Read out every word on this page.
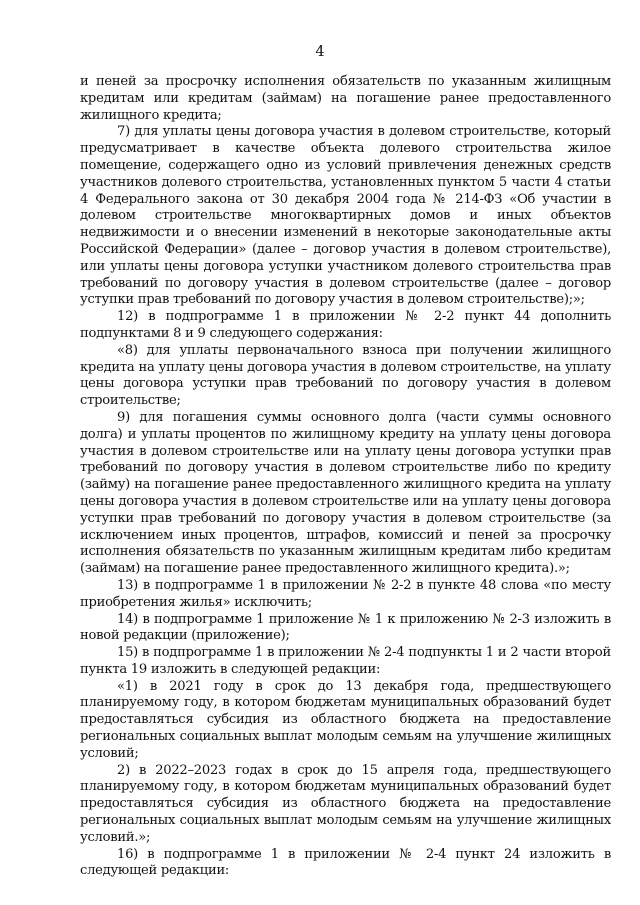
4

и пеней за просрочку исполнения обязательств по указанным жилищным кредитам или кредитам (займам) на погашение ранее предоставленного жилищного кредита;

7) для уплаты цены договора участия в долевом строительстве, который предусматривает в качестве объекта долевого строительства жилое помещение, содержащего одно из условий привлечения денежных средств участников долевого строительства, установленных пунктом 5 части 4 статьи 4 Федерального закона от 30 декабря 2004 года № 214-ФЗ «Об участии в долевом строительстве многоквартирных домов и иных объектов недвижимости и о внесении изменений в некоторые законодательные акты Российской Федерации» (далее – договор участия в долевом строительстве), или уплаты цены договора уступки участником долевого строительства прав требований по договору участия в долевом строительстве (далее – договор уступки прав требований по договору участия в долевом строительстве);»;

12) в подпрограмме 1 в приложении № 2-2 пункт 44 дополнить подпунктами 8 и 9 следующего содержания:

«8) для уплаты первоначального взноса при получении жилищного кредита на уплату цены договора участия в долевом строительстве, на уплату цены договора уступки прав требований по договору участия в долевом строительстве;

9) для погашения суммы основного долга (части суммы основного долга) и уплаты процентов по жилищному кредиту на уплату цены договора участия в долевом строительстве или на уплату цены договора уступки прав требований по договору участия в долевом строительстве либо по кредиту (займу) на погашение ранее предоставленного жилищного кредита на уплату цены договора участия в долевом строительстве или на уплату цены договора уступки прав требований по договору участия в долевом строительстве (за исключением иных процентов, штрафов, комиссий и пеней за просрочку исполнения обязательств по указанным жилищным кредитам либо кредитам (займам) на погашение ранее предоставленного жилищного кредита).»;

13) в подпрограмме 1 в приложении № 2-2 в пункте 48 слова «по месту приобретения жилья» исключить;

14) в подпрограмме 1 приложение № 1 к приложению № 2-3 изложить в новой редакции (приложение);

15) в подпрограмме 1 в приложении № 2-4 подпункты 1 и 2 части второй пункта 19 изложить в следующей редакции:

«1) в 2021 году в срок до 13 декабря года, предшествующего планируемому году, в котором бюджетам муниципальных образований будет предоставляться субсидия из областного бюджета на предоставление региональных социальных выплат молодым семьям на улучшение жилищных условий;

2) в 2022–2023 годах в срок до 15 апреля года, предшествующего планируемому году, в котором бюджетам муниципальных образований будет предоставляться субсидия из областного бюджета на предоставление региональных социальных выплат молодым семьям на улучшение жилищных условий.»;

16) в подпрограмме 1 в приложении № 2-4 пункт 24 изложить в следующей редакции:
